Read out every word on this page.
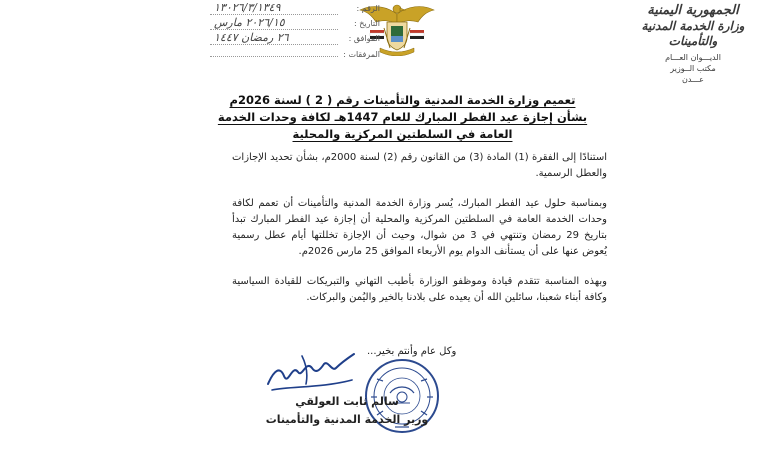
الجمهورية اليمنية
وزارة الخدمة المدنية والتأمينات
الديـــوان العـــام
مكتب الــوزير
عـــدن
الرقم :
١٣٠٢٦/٣/١٣٤٩
التاريخ :
٢٠٢٦/١٥ مارس
الموافق :
٢٦ رمضان ١٤٤٧
المرفقات :
تعميم وزارة الخدمة المدنية والتأمينات رقم ( 2 ) لسنة 2026م
بشأن إجازة عيد الفطر المبارك للعام 1447هـ لكافة وحدات الخدمة
العامة في السلطتين المركزية والمحلية

استنادًا إلى الفقرة (1) المادة (3) من القانون رقم (2) لسنة 2000م، بشأن تحديد الإجازات والعطل الرسمية.

وبمناسبة حلول عيد الفطر المبارك، يُسر وزارة الخدمة المدنية والتأمينات أن تعمم لكافة وحدات الخدمة العامة في السلطتين المركزية والمحلية أن إجازة عيد الفطر المبارك تبدأ بتاريخ 29 رمضان وتنتهي في 3 من شوال، وحيث أن الإجازة تخللتها أيام عطل رسمية يُعوض عنها على أن يستأنف الدوام يوم الأربعاء الموافق 25 مارس 2026م.

وبهذه المناسبة تتقدم قيادة وموظفو الوزارة بأطيب التهاني والتبريكات للقيادة السياسية وكافة أبناء شعبنا، سائلين الله أن يعيده على بلادنا بالخير واليُمن والبركات.

وكل عام وأنتم بخير...
سالم ثابت العولقي
وزير الخدمة المدنية والتأمينات
